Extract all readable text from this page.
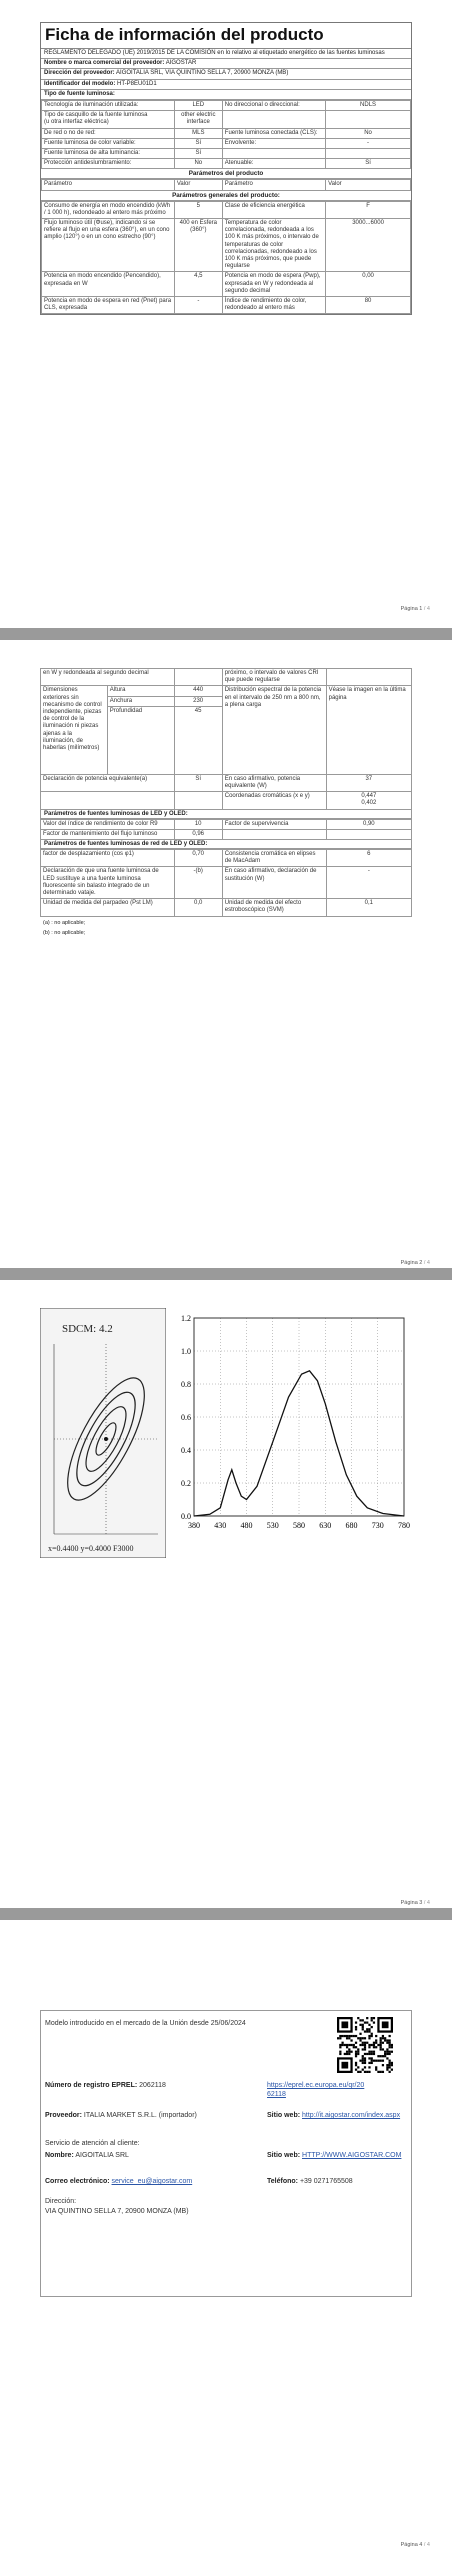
Ficha de información del producto
REGLAMENTO DELEGADO (UE) 2019/2015 DE LA COMISIÓN en lo relativo al etiquetado energético de las fuentes luminosas
Nombre o marca comercial del proveedor: AIGOSTAR
Dirección del proveedor: AIGOITALIA SRL, VIA QUINTINO SELLA 7, 20900 MONZA (MB)
Identificador del modelo: HT-P8EU01D1
Tipo de fuente luminosa:
Tecnología de iluminación utilizada:	LED	No direccional o direccional:	NDLS
Tipo de casquillo de la fuente luminosa
(u otra interfaz eléctrica)	other electric interface		
De red o no de red:	MLS	Fuente luminosa conectada (CLS):	No
Fuente luminosa de color variable:	Sí	Envolvente:	-
Fuente luminosa de alta luminancia:	Sí		
Protección antideslumbramiento:	No	Atenuable:	Sí
Parámetros del producto
Parámetro	Valor	Parámetro	Valor
Parámetros generales del producto:
Consumo de energía en modo encendido (kWh / 1 000 h), redondeado al entero más próximo	5	Clase de eficiencia energética	F
Flujo luminoso útil (Φuse), indicando si se refiere al flujo en una esfera (360°), en un cono amplio (120°) o en un cono estrecho (90°)	400 en Esfera (360°)	Temperatura de color correlacionada, redondeada a los 100 K más próximos, o intervalo de temperaturas de color correlacionadas, redondeado a los 100 K más próximos, que puede regularse	3000...6000
Potencia en modo encendido (Pencendido), expresada en W	4,5	Potencia en modo de espera (Pwp), expresada en W y redondeada al segundo decimal	0,00
Potencia en modo de espera en red (Pnet) para CLS, expresada	-	Índice de rendimiento de color, redondeado al entero más	80
Página 1 / 4
en W y redondeada al segundo decimal			próximo, o intervalo de valores CRI que puede regularse	
Dimensiones exteriores sin mecanismo de control independiente, piezas de control de la iluminación ni piezas ajenas a la iluminación, de haberlas (milímetros)	Altura	440	Distribución espectral de la potencia en el intervalo de 250 nm a 800 nm, a plena carga	Véase la imagen en la última página
	Anchura	230		
	Profundidad	45		
Declaración de potencia equivalente(a)	Sí	En caso afirmativo, potencia equivalente (W)	37
		Coordenadas cromáticas (x e y)	0,447
0,402
Parámetros de fuentes luminosas de LED y OLED:
Valor del índice de rendimiento de color R9	10	Factor de supervivencia	0,90
Factor de mantenimiento del flujo luminoso	0,96		
Parámetros de fuentes luminosas de red de LED y OLED:
factor de desplazamiento (cos φ1)	0,70	Consistencia cromática en elipses de MacAdam	6
Declaración de que una fuente luminosa de LED sustituye a una fuente luminosa fluorescente sin balasto integrado de un determinado vataje.	-(b)	En caso afirmativo, declaración de sustitución (W)	-
Unidad de medida del parpadeo (Pst LM)	0,0	Unidad de medida del efecto estroboscópico (SVM)	0,1
(a) : no aplicable;
(b) : no aplicable;
Página 2 / 4
SDCM: 4.2
x=0.4400 y=0.4000 F3000
1.2
1.0
0.8
0.6
0.4
0.2
0.0
380 430 480 530 580 630 680 730 780
Página 3 / 4
Modelo introducido en el mercado de la Unión desde 25/06/2024
Número de registro EPREL: 2062118	https://eprel.ec.europa.eu/qr/2062118
Proveedor: ITALIA MARKET S.R.L. (importador)	Sitio web: http://it.aigostar.com/index.aspx
Servicio de atención al cliente:
Nombre: AIGOITALIA SRL	Sitio web: HTTP://WWW.AIGOSTAR.COM
Correo electrónico: service_eu@aigostar.com	Teléfono: +39 0271765508
Dirección:
VIA QUINTINO SELLA 7, 20900 MONZA (MB)
Página 4 / 4
